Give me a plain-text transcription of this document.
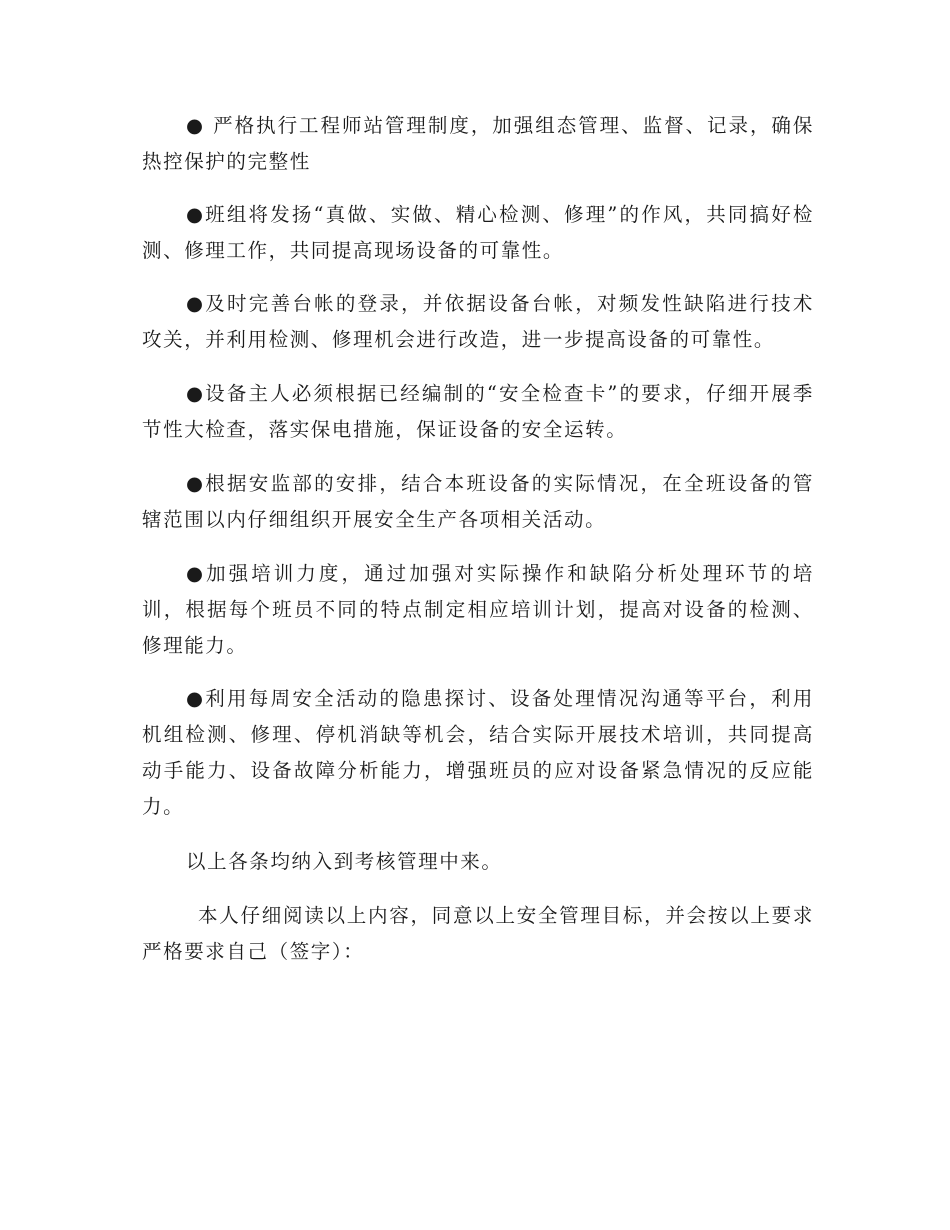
● 严格执行工程师站管理制度，加强组态管理、监督、记录，确保热控保护的完整性

●班组将发扬“真做、实做、精心检测、修理”的作风，共同搞好检测、修理工作，共同提高现场设备的可靠性。

●及时完善台帐的登录，并依据设备台帐，对频发性缺陷进行技术攻关，并利用检测、修理机会进行改造，进一步提高设备的可靠性。

●设备主人必须根据已经编制的“安全检查卡”的要求，仔细开展季节性大检查，落实保电措施，保证设备的安全运转。

●根据安监部的安排，结合本班设备的实际情况，在全班设备的管辖范围以内仔细组织开展安全生产各项相关活动。

●加强培训力度，通过加强对实际操作和缺陷分析处理环节的培训，根据每个班员不同的特点制定相应培训计划，提高对设备的检测、修理能力。

●利用每周安全活动的隐患探讨、设备处理情况沟通等平台，利用机组检测、修理、停机消缺等机会，结合实际开展技术培训，共同提高动手能力、设备故障分析能力，增强班员的应对设备紧急情况的反应能力。

以上各条均纳入到考核管理中来。

本人仔细阅读以上内容，同意以上安全管理目标，并会按以上要求严格要求自己（签字）：
